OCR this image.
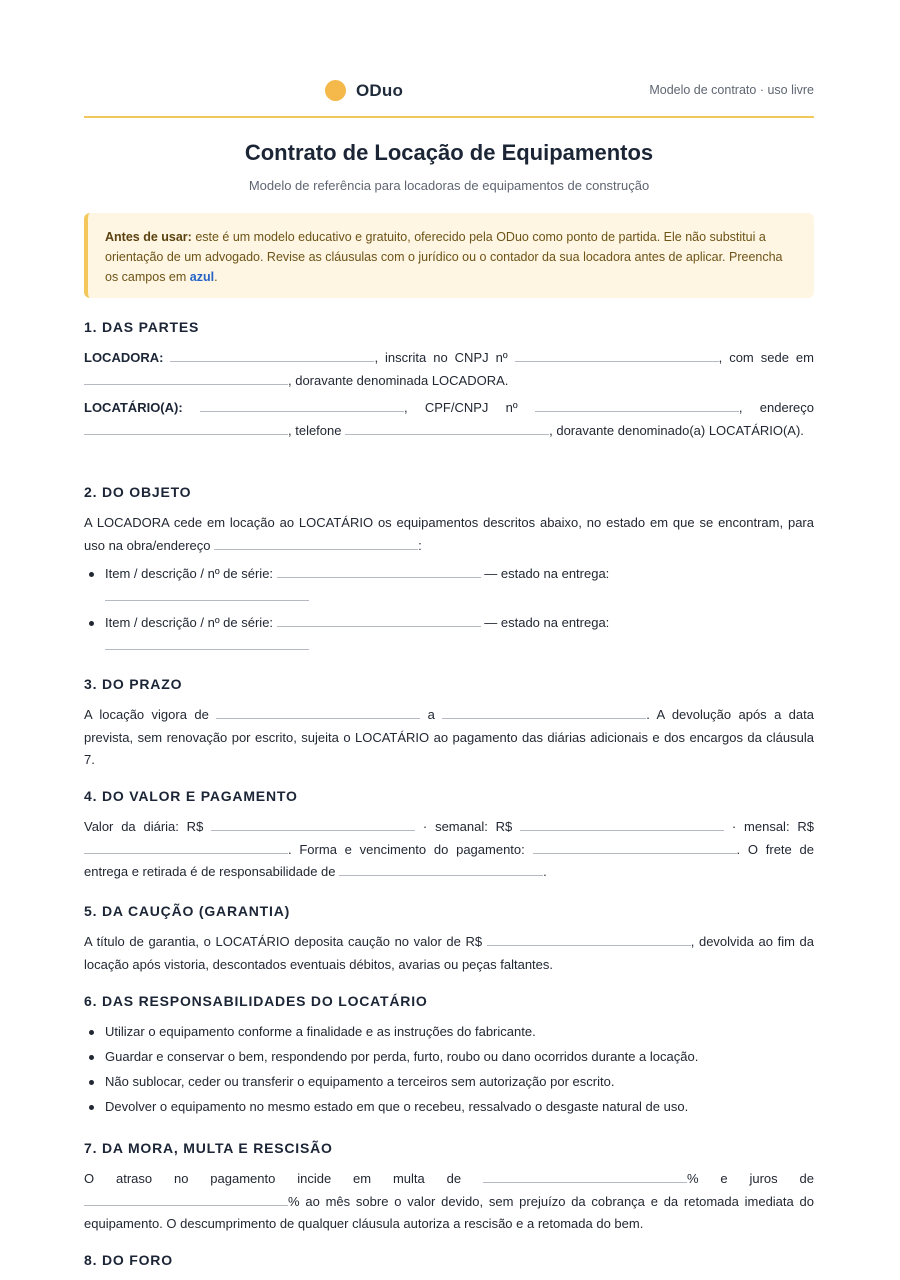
ODuo	Modelo de contrato · uso livre
Contrato de Locação de Equipamentos
Modelo de referência para locadoras de equipamentos de construção
Antes de usar: este é um modelo educativo e gratuito, oferecido pela ODuo como ponto de partida. Ele não substitui a orientação de um advogado. Revise as cláusulas com o jurídico ou o contador da sua locadora antes de aplicar. Preencha os campos em azul.
1. DAS PARTES

LOCADORA:	, inscrita no CNPJ nº	, com sede em , doravante denominada LOCADORA.

LOCATÁRIO(A):	, CPF/CNPJ nº	, endereço , telefone	, doravante denominado(a) LOCATÁRIO(A).

2. DO OBJETO

A LOCADORA cede em locação ao LOCATÁRIO os equipamentos descritos abaixo, no estado em que se encontram, para uso na obra/endereço	:

Item / descrição / nº de série:	— estado na entrega:

Item / descrição / nº de série:	— estado na entrega:

3. DO PRAZO

A locação vigora de	a	. A devolução após a data prevista, sem renovação por escrito, sujeita o LOCATÁRIO ao pagamento das diárias adicionais e dos encargos da cláusula 7.

4. DO VALOR E PAGAMENTO

Valor da diária: R$	· semanal: R$	· mensal: R$ . Forma e vencimento do pagamento:	. O frete de entrega e retirada é de responsabilidade de	.

5. DA CAUÇÃO (GARANTIA)

A título de garantia, o LOCATÁRIO deposita caução no valor de R$	, devolvida ao fim da locação após vistoria, descontados eventuais débitos, avarias ou peças faltantes.

6. DAS RESPONSABILIDADES DO LOCATÁRIO
Utilizar o equipamento conforme a finalidade e as instruções do fabricante.
Guardar e conservar o bem, respondendo por perda, furto, roubo ou dano ocorridos durante a locação.
Não sublocar, ceder ou transferir o equipamento a terceiros sem autorização por escrito.
Devolver o equipamento no mesmo estado em que o recebeu, ressalvado o desgaste natural de uso.
7. DA MORA, MULTA E RESCISÃO

O atraso no pagamento incide em multa de	% e juros de % ao mês sobre o valor devido, sem prejuízo da cobrança e da retomada imediata do equipamento. O descumprimento de qualquer cláusula autoriza a rescisão e a retomada do bem.

8. DO FORO
